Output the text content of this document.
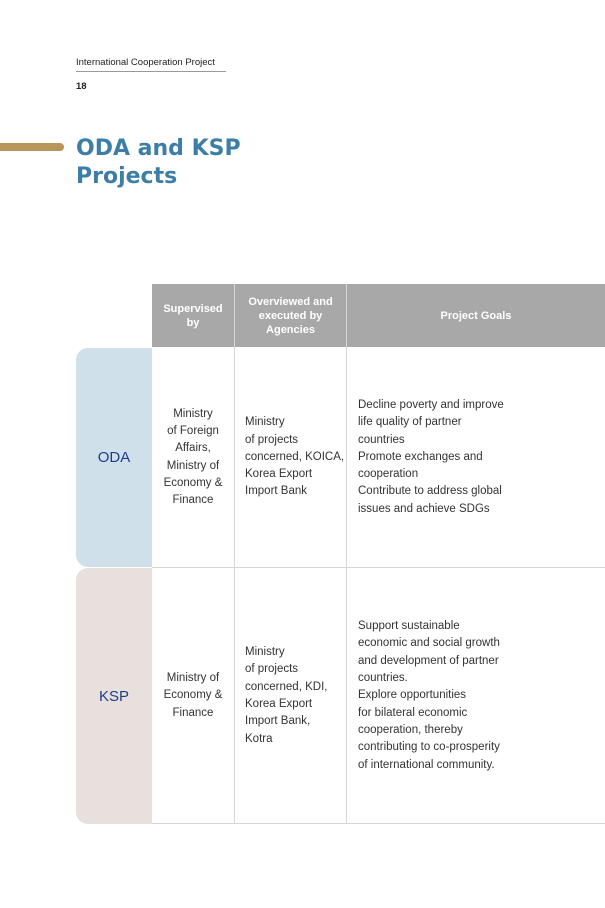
International Cooperation Project
18
ODA and KSP
Projects
Supervised by
Overviewed and executed by Agencies
Project Goals
ODA
Ministry
of Foreign
Affairs,
Ministry of
Economy &
Finance
Ministry
of projects
concerned, KOICA,
Korea Export
Import Bank
Decline poverty and improve
life quality of partner
countries
Promote exchanges and
cooperation
Contribute to address global
issues and achieve SDGs
KSP
Ministry of
Economy &
Finance
Ministry
of projects
concerned, KDI,
Korea Export
Import Bank,
Kotra
Support sustainable
economic and social growth
and development of partner
countries.
Explore opportunities
for bilateral economic
cooperation, thereby
contributing to co-prosperity
of international community.
